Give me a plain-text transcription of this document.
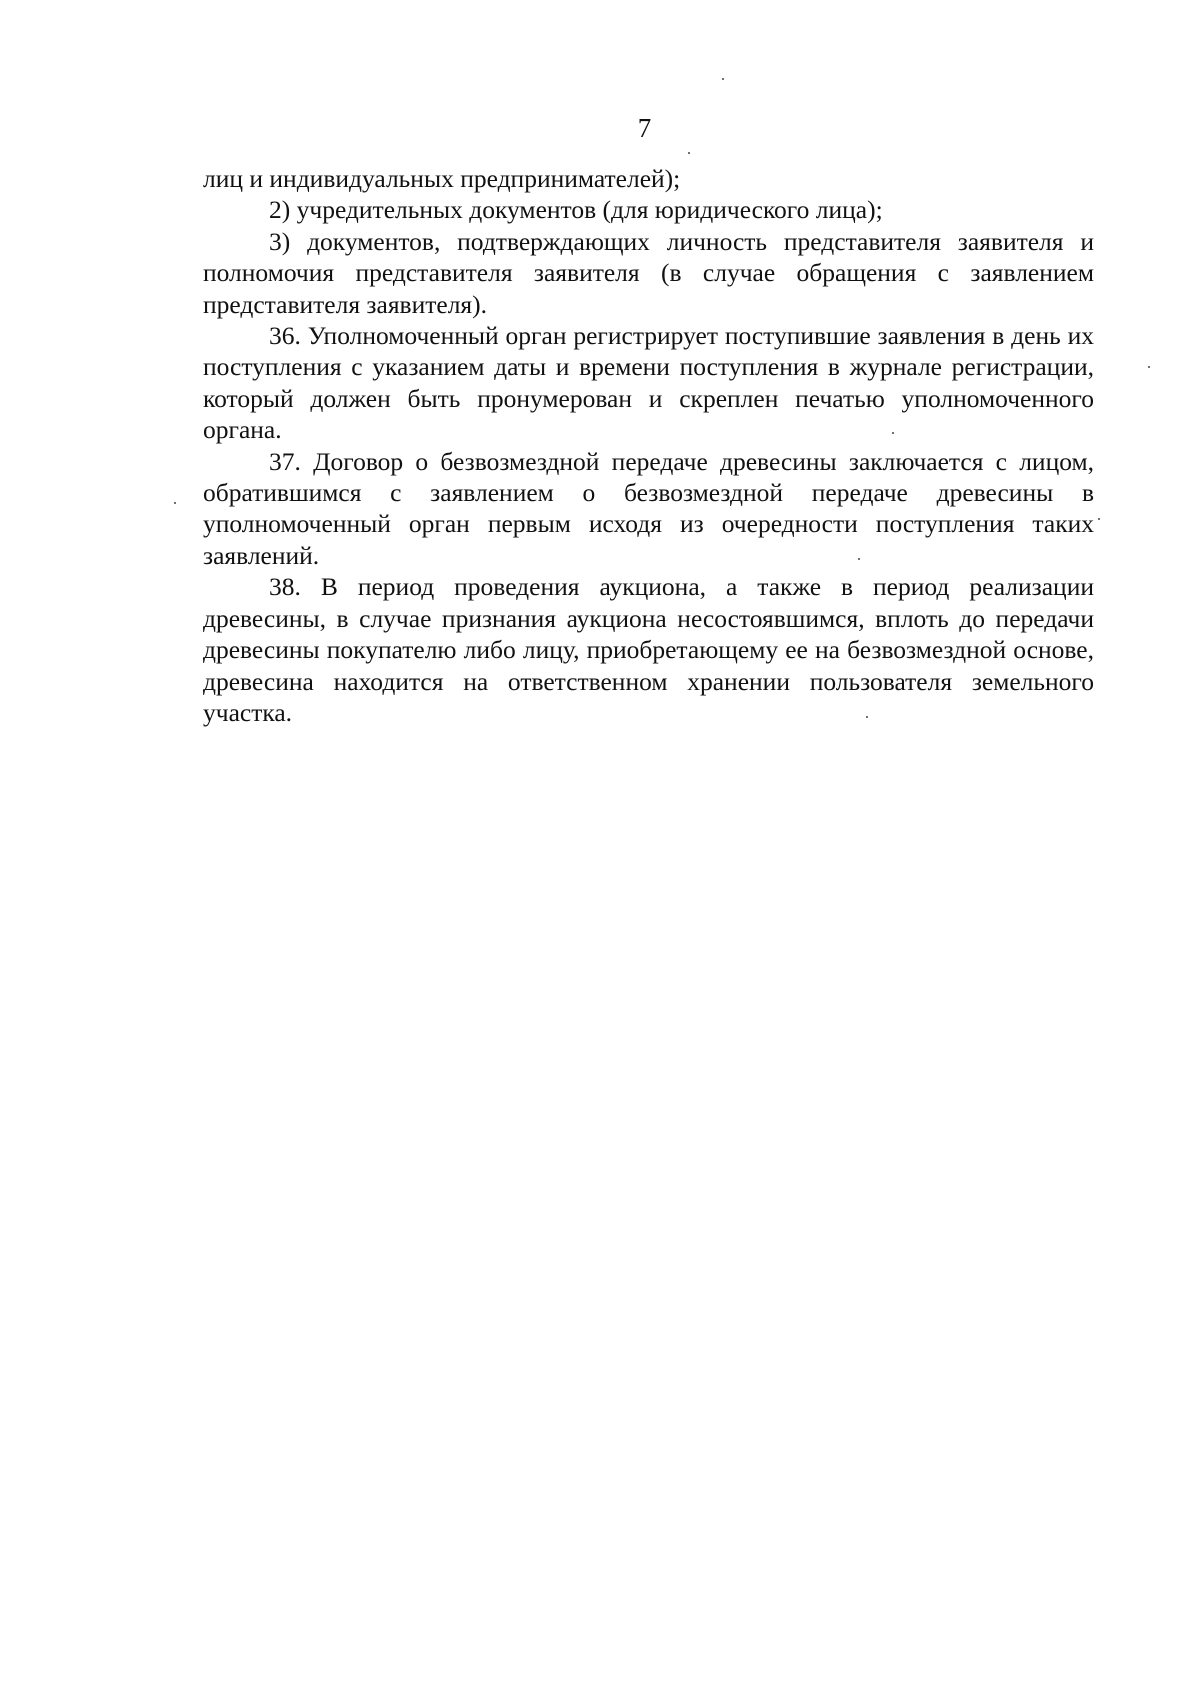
7

лиц и индивидуальных предпринимателей);

2) учредительных документов (для юридического лица);

3) документов, подтверждающих личность представителя заявителя и полномочия представителя заявителя (в случае обращения с заявлением представителя заявителя).

36. Уполномоченный орган регистрирует поступившие заявления в день их поступления с указанием даты и времени поступления в журнале регистрации, который должен быть пронумерован и скреплен печатью уполномоченного органа.

37. Договор о безвозмездной передаче древесины заключается с лицом, обратившимся с заявлением о безвозмездной передаче древесины в уполномоченный орган первым исходя из очередности поступления таких заявлений.

38. В период проведения аукциона, а также в период реализации древесины, в случае признания аукциона несостоявшимся, вплоть до передачи древесины покупателю либо лицу, приобретающему ее на безвозмездной основе, древесина находится на ответственном хранении пользователя земельного участка.
